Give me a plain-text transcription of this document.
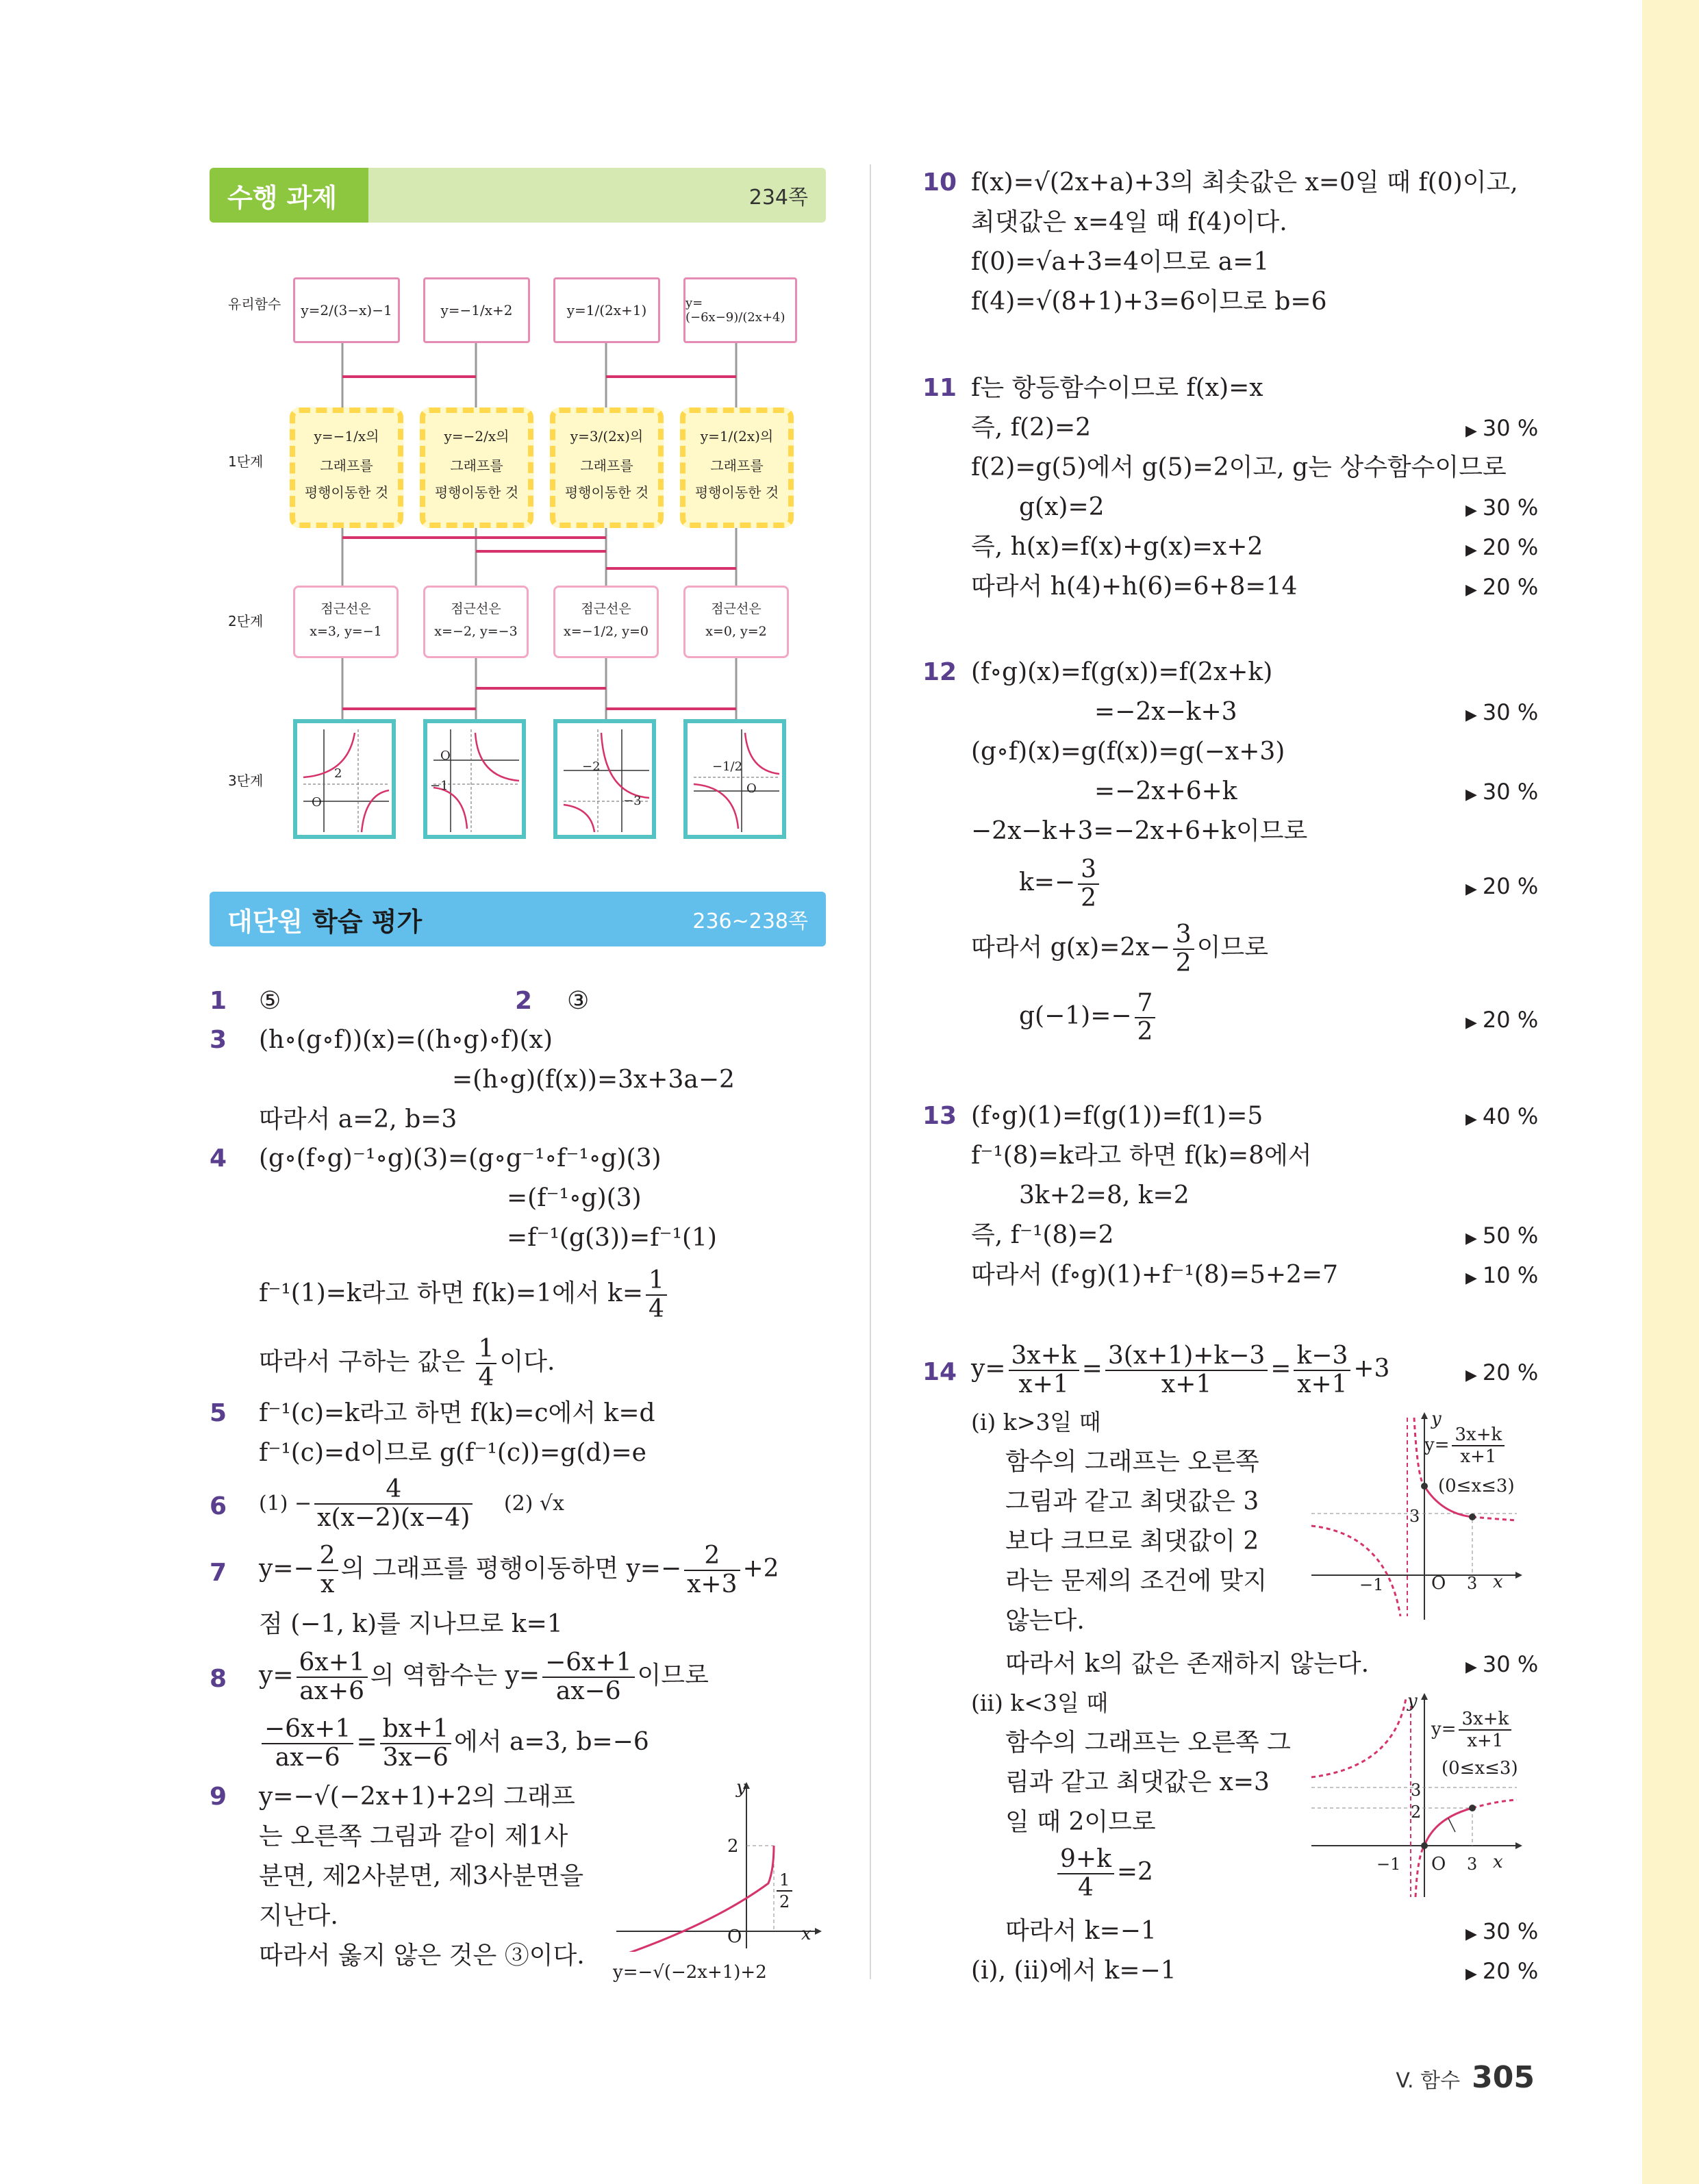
수행 과제	234쪽
유리함수
1단계
2단계
3단계
y=2/(3−x)−1	y=−1/x+2	y=1/(2x+1)	y=(−6x−9)/(2x+4)
y=−1/x의
그래프를
평행이동한 것
y=−2/x의
그래프를
평행이동한 것
y=3/(2x)의
그래프를
평행이동한 것
y=1/(2x)의
그래프를
평행이동한 것
점근선은
x=3, y=−1
점근선은
x=−2, y=−3
점근선은
x=−1/2, y=0
점근선은
x=0, y=2
2
O
O
−1
−2
−3
−1/2
O
대단원 학습 평가	236~238쪽
1 ⑤	2 ③
3 (h∘(g∘f))(x)=((h∘g)∘f)(x)
=(h∘g)(f(x))=3x+3a−2
따라서 a=2, b=3
4 (g∘(f∘g)⁻¹∘g)(3)=(g∘g⁻¹∘f⁻¹∘g)(3)
=(f⁻¹∘g)(3)
=f⁻¹(g(3))=f⁻¹(1)
f⁻¹(1)=k라고 하면 f(k)=1에서 $k= \frac{1}{4}$
따라서 구하는 값은 $\frac{1}{4}$ 이다.
5 f⁻¹(c)=k라고 하면 f(k)=c에서 k=d
f⁻¹(c)=d이므로 g(f⁻¹(c))=g(d)=e
6 $(1) - \frac{4}{x(x-2)(x-4)} (2)$ √x
7 $y=- \frac{2}{x}$ 의 그래프를 평행이동하면 $y=- \frac{2}{x+3} +2$
점 (−1, k)를 지나므로 k=1
8 $y= \frac{6x+1}{ax+6}$ 의 역함수는 $y= \frac{-6x+1}{ax-6}$ 이므로
$\frac{-6x+1}{ax-6} = \frac{bx+1}{3x-6}$ 에서 a=3, b=−6
9 y=−√(−2x+1)+2의 그래프
는 오른쪽 그림과 같이 제1사
분면, 제2사분면, 제3사분면을
지난다.
따라서 옳지 않은 것은 ③이다.
y
2
O	x
$\frac{1}{2}$
y=−√(−2x+1)+2
10 f(x)=√(2x+a)+3의 최솟값은 x=0일 때 f(0)이고,
최댓값은 x=4일 때 f(4)이다.
f(0)=√a+3=4이므로 a=1
f(4)=√(8+1)+3=6이므로 b=6
11 f는 항등함수이므로 f(x)=x
즉, f(2)=2
f(2)=g(5)에서 g(5)=2이고, g는 상수함수이므로
g(x)=2
즉, h(x)=f(x)+g(x)=x+2
따라서 h(4)+h(6)=6+8=14
▶ 30 %
▶ 30 %
▶ 20 %
▶ 20 %
12 (f∘g)(x)=f(g(x))=f(2x+k)
=−2x−k+3
(g∘f)(x)=g(f(x))=g(−x+3)
=−2x+6+k
−2x−k+3=−2x+6+k이므로
$k=- \frac{3}{2}$
따라서 $g(x)=2x- \frac{3}{2}$ 이므로
$g(-1)=- \frac{7}{2}$
▶ 30 %
▶ 30 %
▶ 20 %
▶ 20 %
13 (f∘g)(1)=f(g(1))=f(1)=5
f⁻¹(8)=k라고 하면 f(k)=8에서
3k+2=8, k=2
즉, f⁻¹(8)=2
따라서 (f∘g)(1)+f⁻¹(8)=5+2=7
▶ 40 %
▶ 50 %
▶ 10 %
14 $y= \frac{3x+k}{x+1} = \frac{3(x+1)+k-3}{x+1} = \frac{k-3}{x+1} +3$	▶ 20 %
(ⅰ) k>3일 때
함수의 그래프는 오른쪽
그림과 같고 최댓값은 3
보다 크므로 최댓값이 2
라는 문제의 조건에 맞지
않는다.
따라서 k의 값은 존재하지 않는다.	▶ 30 %
y
$y= \frac{3x+k}{x+1}$
(0≤x≤3)
3
−1	O 3 x
(ⅱ) k<3일 때
함수의 그래프는 오른쪽 그
림과 같고 최댓값은 x=3
일 때 2이므로
$\frac{9+k}{4} =2$
따라서 k=−1	▶ 30 %
(ⅰ), (ⅱ)에서 k=−1	▶ 20 %
y
$y= \frac{3x+k}{x+1}$
(0≤x≤3)
3
2
−1 O 3 x
V. 함수 305
